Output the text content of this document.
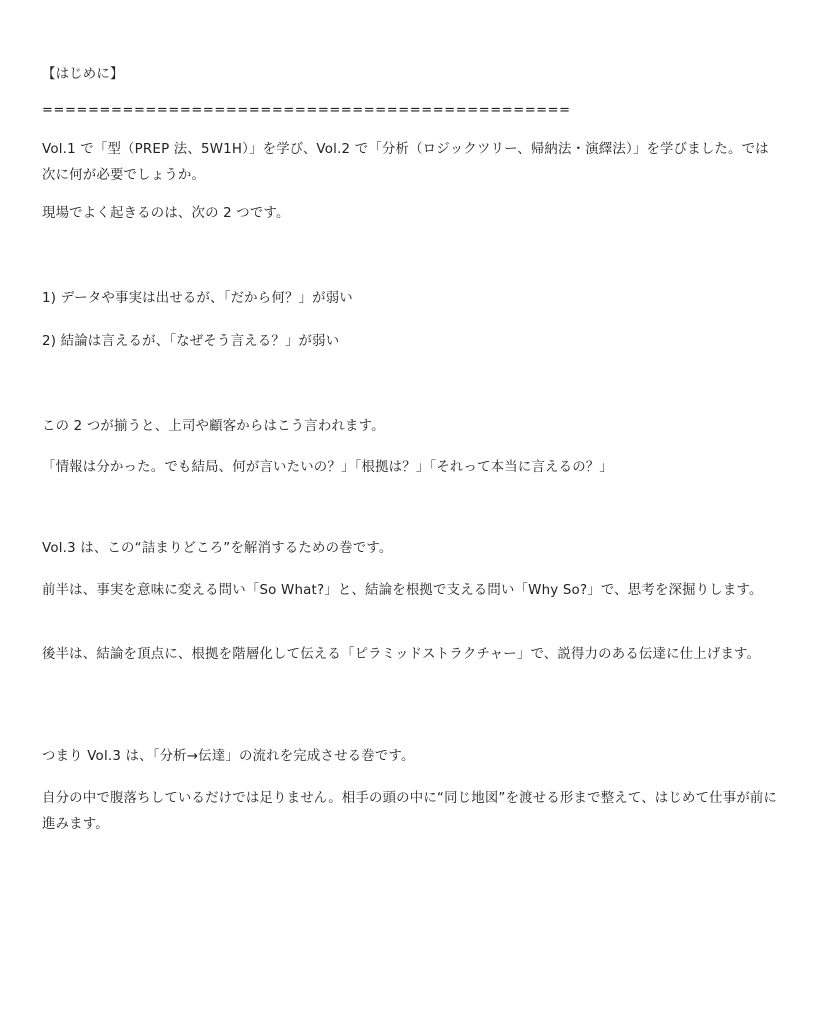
【はじめに】
==============================================
Vol.1 で「型（PREP 法、5W1H）」を学び、Vol.2 で「分析（ロジックツリー、帰納法・演繹法）」を学びました。では次に何が必要でしょうか。
現場でよく起きるのは、次の 2 つです。
1) データや事実は出せるが、「だから何？」が弱い
2) 結論は言えるが、「なぜそう言える？」が弱い
この 2 つが揃うと、上司や顧客からはこう言われます。
「情報は分かった。でも結局、何が言いたいの？」「根拠は？」「それって本当に言えるの？」
Vol.3 は、この“詰まりどころ”を解消するための巻です。
前半は、事実を意味に変える問い「So What?」と、結論を根拠で支える問い「Why So?」で、思考を深掘りします。
後半は、結論を頂点に、根拠を階層化して伝える「ピラミッドストラクチャー」で、説得力のある伝達に仕上げます。
つまり Vol.3 は、「分析→伝達」の流れを完成させる巻です。
自分の中で腹落ちしているだけでは足りません。相手の頭の中に“同じ地図”を渡せる形まで整えて、はじめて仕事が前に進みます。
